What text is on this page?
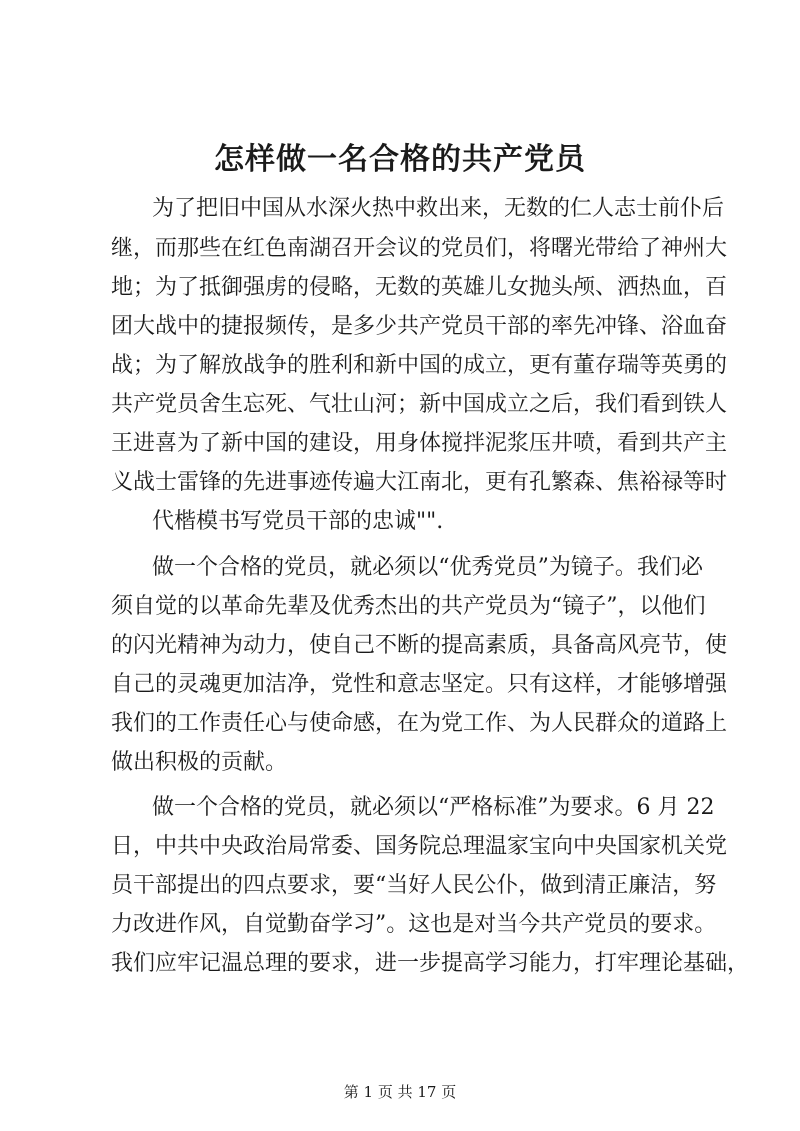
怎样做一名合格的共产党员

为了把旧中国从水深火热中救出来，无数的仁人志士前仆后

继，而那些在红色南湖召开会议的党员们，将曙光带给了神州大

地；为了抵御强虏的侵略，无数的英雄儿女抛头颅、洒热血，百

团大战中的捷报频传，是多少共产党员干部的率先冲锋、浴血奋

战；为了解放战争的胜利和新中国的成立，更有董存瑞等英勇的

共产党员舍生忘死、气壮山河；新中国成立之后，我们看到铁人

王进喜为了新中国的建设，用身体搅拌泥浆压井喷，看到共产主

义战士雷锋的先进事迹传遍大江南北，更有孔繁森、焦裕禄等时

代楷模书写党员干部的忠诚"".

做一个合格的党员，就必须以“优秀党员”为镜子。我们必

须自觉的以革命先辈及优秀杰出的共产党员为“镜子”，以他们

的闪光精神为动力，使自己不断的提高素质，具备高风亮节，使

自己的灵魂更加洁净，党性和意志坚定。只有这样，才能够增强

我们的工作责任心与使命感，在为党工作、为人民群众的道路上

做出积极的贡献。

做一个合格的党员，就必须以“严格标准”为要求。6 月 22

日，中共中央政治局常委、国务院总理温家宝向中央国家机关党

员干部提出的四点要求，要“当好人民公仆，做到清正廉洁，努

力改进作风，自觉勤奋学习”。这也是对当今共产党员的要求。

我们应牢记温总理的要求，进一步提高学习能力，打牢理论基础，

第 1 页 共 17 页
